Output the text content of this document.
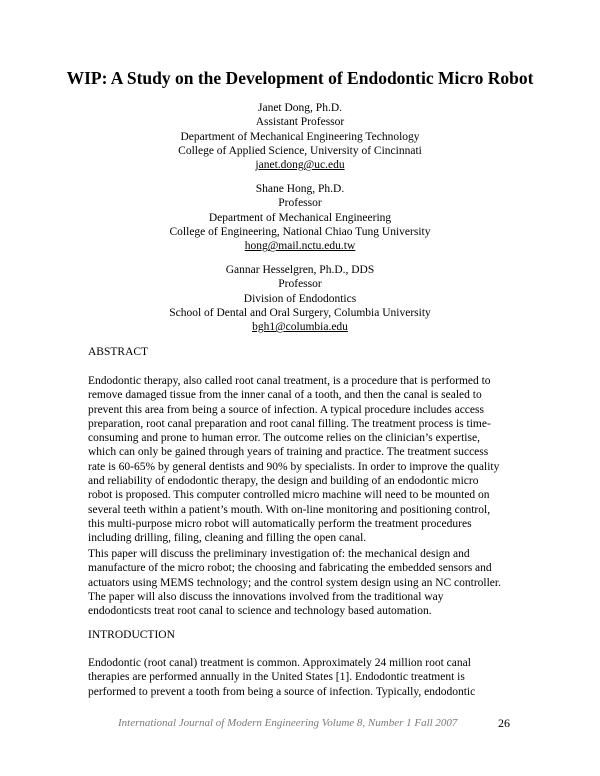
WIP: A Study on the Development of Endodontic Micro Robot
Janet Dong, Ph.D.
Assistant Professor
Department of Mechanical Engineering Technology
College of Applied Science, University of Cincinnati
janet.dong@uc.edu
Shane Hong, Ph.D.
Professor
Department of Mechanical Engineering
College of Engineering, National Chiao Tung University
hong@mail.nctu.edu.tw
Gannar Hesselgren, Ph.D., DDS
Professor
Division of Endodontics
School of Dental and Oral Surgery, Columbia University
bgh1@columbia.edu
ABSTRACT
Endodontic therapy, also called root canal treatment, is a procedure that is performed to
remove damaged tissue from the inner canal of a tooth, and then the canal is sealed to
prevent this area from being a source of infection. A typical procedure includes access
preparation, root canal preparation and root canal filling. The treatment process is time-
consuming and prone to human error. The outcome relies on the clinician’s expertise,
which can only be gained through years of training and practice. The treatment success
rate is 60-65% by general dentists and 90% by specialists. In order to improve the quality
and reliability of endodontic therapy, the design and building of an endodontic micro
robot is proposed. This computer controlled micro machine will need to be mounted on
several teeth within a patient’s mouth. With on-line monitoring and positioning control,
this multi-purpose micro robot will automatically perform the treatment procedures
including drilling, filing, cleaning and filling the open canal.
This paper will discuss the preliminary investigation of: the mechanical design and
manufacture of the micro robot; the choosing and fabricating the embedded sensors and
actuators using MEMS technology; and the control system design using an NC controller.
The paper will also discuss the innovations involved from the traditional way
endodonticsts treat root canal to science and technology based automation.
INTRODUCTION
Endodontic (root canal) treatment is common. Approximately 24 million root canal
therapies are performed annually in the United States [1]. Endodontic treatment is
performed to prevent a tooth from being a source of infection. Typically, endodontic
International Journal of Modern Engineering Volume 8, Number 1 Fall 2007	26
